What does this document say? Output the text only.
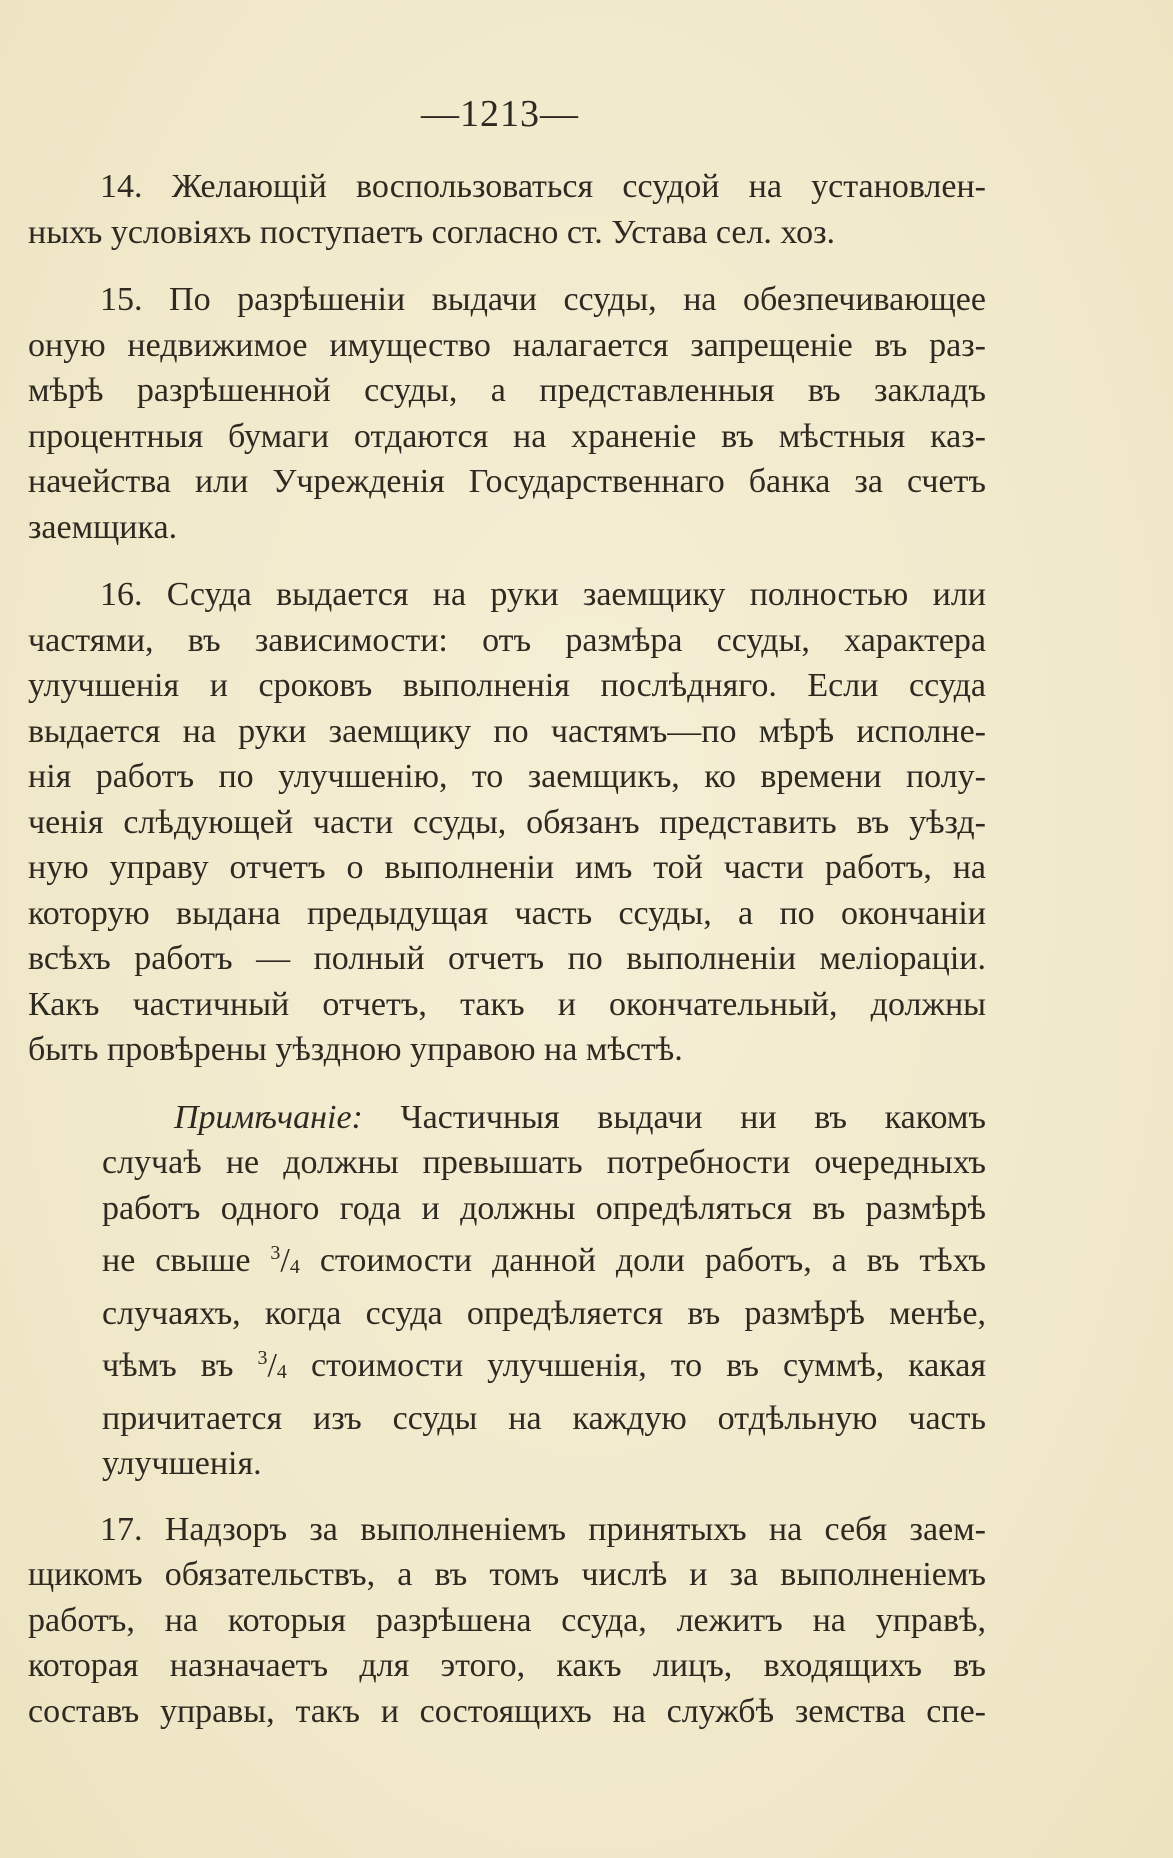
—1213—
14. Желающій воспользоваться ссудой на установлен-
ныхъ условіяхъ поступаетъ согласно ст. Устава сел. хоз.
15. По разрѣшеніи выдачи ссуды, на обезпечивающее
оную недвижимое имущество налагается запрещеніе въ раз-
мѣрѣ разрѣшенной ссуды, а представленныя въ закладъ
процентныя бумаги отдаются на храненіе въ мѣстныя каз-
начейства или Учрежденія Государственнаго банка за счетъ
заемщика.
16. Ссуда выдается на руки заемщику полностью или
частями, въ зависимости: отъ размѣра ссуды, характера
улучшенія и сроковъ выполненія послѣдняго. Если ссуда
выдается на руки заемщику по частямъ—по мѣрѣ исполне-
нія работъ по улучшенію, то заемщикъ, ко времени полу-
ченія слѣдующей части ссуды, обязанъ представить въ уѣзд-
ную управу отчетъ о выполненіи имъ той части работъ, на
которую выдана предыдущая часть ссуды, а по окончаніи
всѣхъ работъ — полный отчетъ по выполненіи меліораціи.
Какъ частичный отчетъ, такъ и окончательный, должны
быть провѣрены уѣздною управою на мѣстѣ.
Примѣчаніе: Частичныя выдачи ни въ какомъ
случаѣ не должны превышать потребности очередныхъ
работъ одного года и должны опредѣляться въ размѣрѣ
не свыше $^3/_4$ стоимости данной доли работъ, а въ тѣхъ
случаяхъ, когда ссуда опредѣляется въ размѣрѣ менѣе,
чѣмъ въ $^3/_4$ стоимости улучшенія, то въ суммѣ, какая
причитается изъ ссуды на каждую отдѣльную часть
улучшенія.
17. Надзоръ за выполненіемъ принятыхъ на себя заем-
щикомъ обязательствъ, а въ томъ числѣ и за выполненіемъ
работъ, на которыя разрѣшена ссуда, лежитъ на управѣ,
которая назначаетъ для этого, какъ лицъ, входящихъ въ
составъ управы, такъ и состоящихъ на службѣ земства спе-
